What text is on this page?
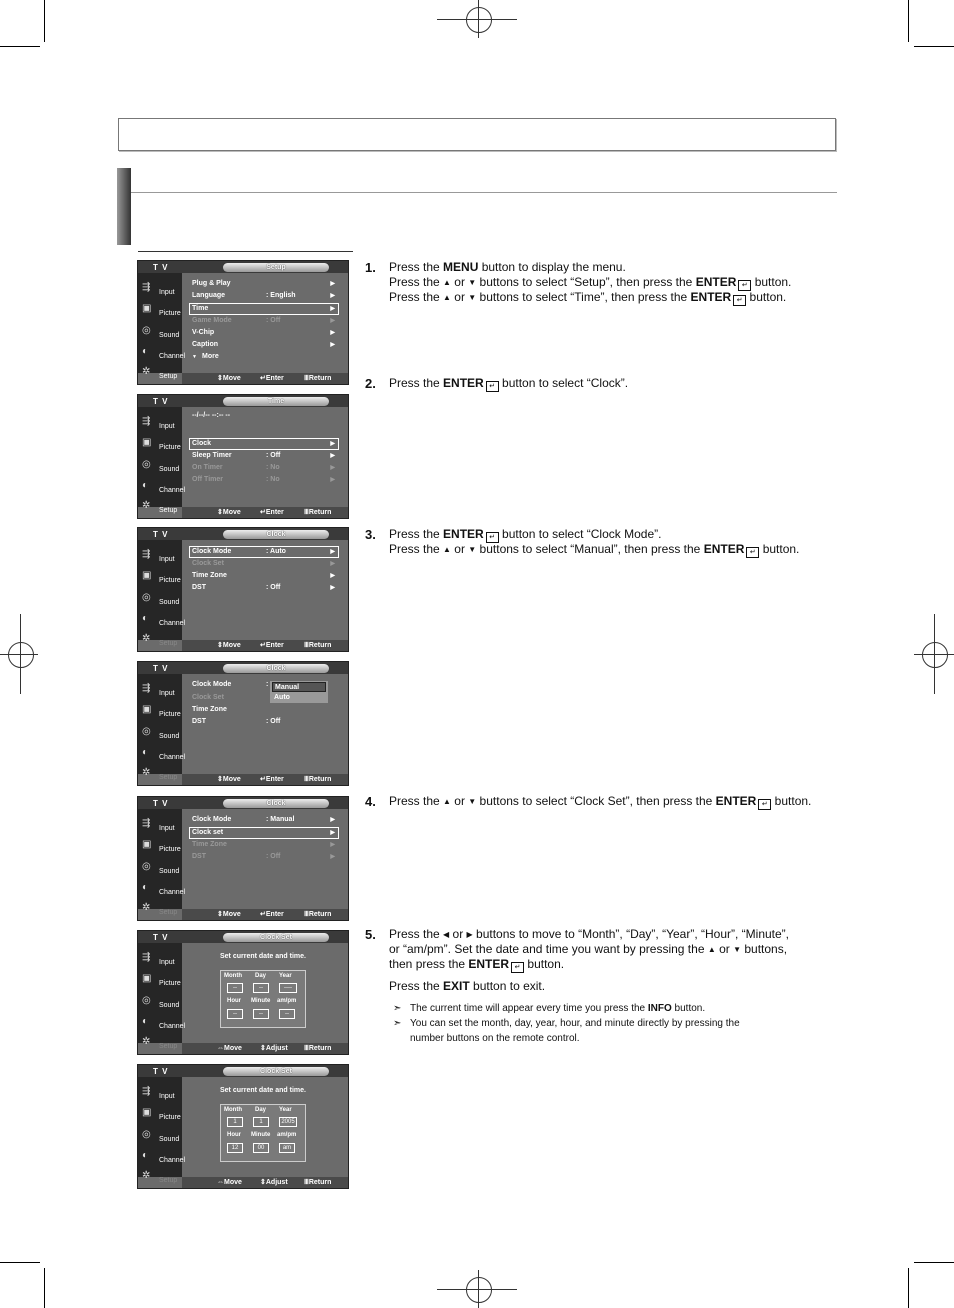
T V	Setup
⇶	Input
▣	Picture
◎	Sound
◐	Channel
✲	Setup
Plug & Play	▶
Language	: English	▶
Time	▶
Game Mode	: Off	▶
V-Chip	▶
Caption	▶
▼ More
⇕Move	↵Enter	ⅢReturn
T V	Time
⇶	Input
▣	Picture
◎	Sound
◐	Channel
✲	Setup
--/--/-- --:-- --
Clock	▶
Sleep Timer	: Off	▶
On Timer	: No	▶
Off Timer	: No	▶
⇕Move	↵Enter	ⅢReturn
T V	Clock
⇶	Input
▣	Picture
◎	Sound
◐	Channel
✲	Setup
Clock Mode	: Auto	▶
Clock Set	▶
Time Zone	▶
DST	: Off	▶
⇕Move	↵Enter	ⅢReturn
T V	Clock
⇶	Input
▣	Picture
◎	Sound
◐	Channel
✲	Setup
Clock Mode	:
Clock Set
Time Zone
DST	: Off
Manual
Auto
⇕Move	↵Enter	ⅢReturn
T V	Clock
⇶	Input
▣	Picture
◎	Sound
◐	Channel
✲	Setup
Clock Mode	: Manual	▶
Clock set	▶
Time Zone	▶
DST	: Off	▶
⇕Move	↵Enter	ⅢReturn
T V	Clock Set
⇶	Input
▣	Picture
◎	Sound
◐	Channel
✲	Setup
Set current date and time.
Month Day Year
--	--	----
Hour Minute am/pm
--	--	--
⇔Move	⇕Adjust ⅢReturn
T V	Clock Set
⇶	Input
▣	Picture
◎	Sound
◐	Channel
✲	Setup
Set current date and time.
Month Day Year
1	1	2005
Hour Minute am/pm
12	00	am
⇔Move	⇕Adjust ⅢReturn
1. Press the MENU button to display the menu.
Press the ▲ or ▼ buttons to select “Setup”, then press the ENTER ↵ button.
Press the ▲ or ▼ buttons to select “Time”, then press the ENTER ↵ button.
2. Press the ENTER ↵ button to select “Clock”.
3. Press the ENTER ↵ button to select “Clock Mode”.
Press the ▲ or ▼ buttons to select “Manual”, then press the ENTER ↵ button.
4. Press the ▲ or ▼ buttons to select “Clock Set”, then press the ENTER ↵ button.
5. Press the ◀ or ▶ buttons to move to “Month”, “Day”, “Year”, “Hour”, “Minute”,
or “am/pm”. Set the date and time you want by pressing the ▲ or ▼ buttons,
then press the ENTER ↵ button.
Press the EXIT button to exit.
➣ The current time will appear every time you press the INFO button.
➣ You can set the month, day, year, hour, and minute directly by pressing the
number buttons on the remote control.
